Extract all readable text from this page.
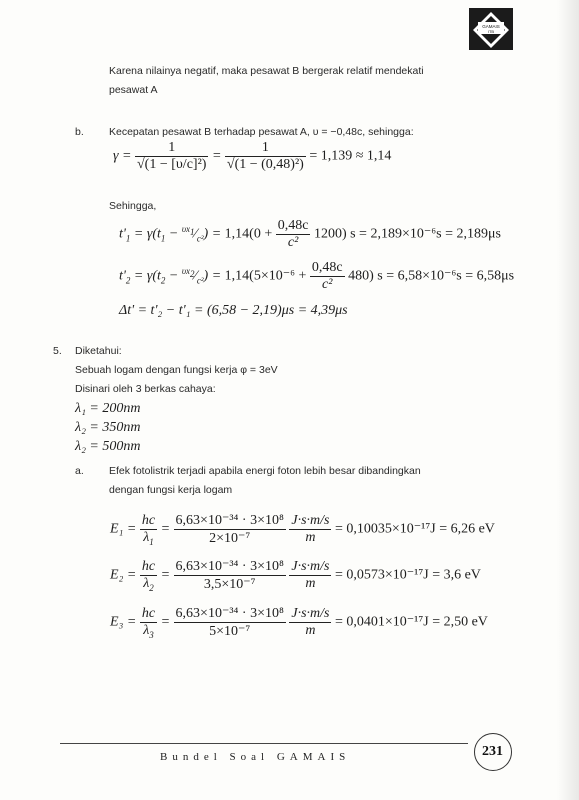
GAMAIS
ITB
Karena nilainya negatif, maka pesawat B bergerak relatif mendekati
pesawat A
b. Kecepatan pesawat B terhadap pesawat A, υ = −0,48c, sehingga:
$\gamma = \frac{1}{\text{√(1 − [υ/c]²)}} = \frac{1}{\text{√(1 − (0,48)²)}} = 1,139 \approx 1,14$
Sehingga,
$t'_1 = \gamma(t_1$ − $^{\upsilon x_1}⁄_{c^2}) = 1,14(0 + \frac{0,48c}{\text{c²}} 1200)$ s = 2,189×10⁻⁶s = 2,189μs
$t'_2 = \gamma(t_2$ − $^{\upsilon x_2}⁄_{c^2}) = 1,14(5\times 10^{-6} + \frac{0,48c}{\text{c²}} 480)$ s = 6,58×10⁻⁶s = 6,58μs
Δt' = t'₂ − t'₁ = (6,58 − 2,19)μs = 4,39μs
5. Diketahui:
Sebuah logam dengan fungsi kerja φ = 3eV
Disinari oleh 3 berkas cahaya:
λ₁ = 200nm
λ₂ = 350nm
λ₂ = 500nm
a. Efek fotolistrik terjadi apabila energi foton lebih besar dibandingkan
dengan fungsi kerja logam
$E_1 = \frac{hc}{\lambda_1} = \frac{\text{6,63×10⁻³⁴ · 3×10⁸}}{\text{2×10⁻⁷}}$
$\frac{J\cdot s\cdot m/s}{m} = 0,10035\times 10^{-17}J = 6,26$ eV
$E_2 = \frac{hc}{\lambda_2} = \frac{\text{6,63×10⁻³⁴ · 3×10⁸}}{\text{3,5×10⁻⁷}}$
$\frac{J\cdot s\cdot m/s}{m} = 0,0573\times 10^{-17}J = 3,6$ eV
$E_3 = \frac{hc}{\lambda_3} = \frac{\text{6,63×10⁻³⁴ · 3×10⁸}}{\text{5×10⁻⁷}}$
$\frac{J\cdot s\cdot m/s}{m} = 0,0401\times 10^{-17}J = 2,50$ eV
Bundel Soal GAMAIS	231
